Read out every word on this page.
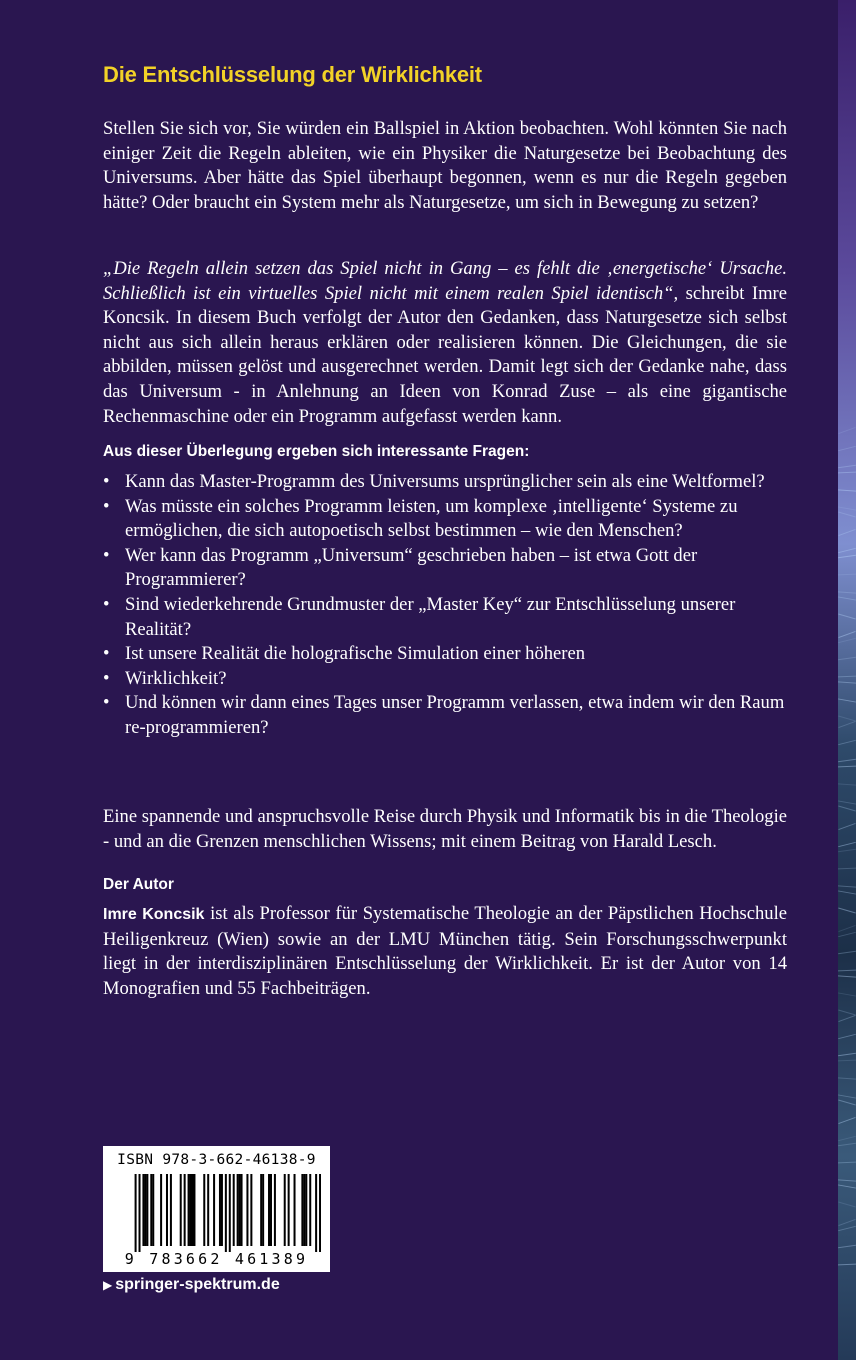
Die Entschlüsselung der Wirklichkeit
Stellen Sie sich vor, Sie würden ein Ballspiel in Aktion beobachten. Wohl könnten Sie nach einiger Zeit die Regeln ableiten, wie ein Physiker die Naturgesetze bei Beobachtung des Universums. Aber hätte das Spiel überhaupt begonnen, wenn es nur die Regeln gegeben hätte? Oder braucht ein System mehr als Naturgesetze, um sich in Bewegung zu setzen?
„Die Regeln allein setzen das Spiel nicht in Gang – es fehlt die ‚energetische‘ Ursache. Schließlich ist ein virtuelles Spiel nicht mit einem realen Spiel identisch“, schreibt Imre Koncsik. In diesem Buch verfolgt der Autor den Gedanken, dass Naturgesetze sich selbst nicht aus sich allein heraus erklären oder realisieren können. Die Gleichungen, die sie abbilden, müssen gelöst und ausgerechnet werden. Damit legt sich der Gedanke nahe, dass das Universum - in Anlehnung an Ideen von Konrad Zuse – als eine gigantische Rechenmaschine oder ein Programm aufgefasst werden kann.
Aus dieser Überlegung ergeben sich interessante Fragen:
• Kann das Master-Programm des Universums ursprünglicher sein als eine Weltformel?
• Was müsste ein solches Programm leisten, um komplexe ‚intelligente‘ Systeme zu ermöglichen, die sich autopoetisch selbst bestimmen – wie den Menschen?
• Wer kann das Programm „Universum“ geschrieben haben – ist etwa Gott der Programmierer?
• Sind wiederkehrende Grundmuster der „Master Key“ zur Entschlüsselung unserer Realität?
• Ist unsere Realität die holografische Simulation einer höheren
• Wirklichkeit?
• Und können wir dann eines Tages unser Programm verlassen, etwa indem wir den Raum re-programmieren?
Eine spannende und anspruchsvolle Reise durch Physik und Informatik bis in die Theologie - und an die Grenzen menschlichen Wissens; mit einem Beitrag von Harald Lesch.
Der Autor
Imre Koncsik ist als Professor für Systematische Theologie an der Päpstlichen Hochschule Heiligenkreuz (Wien) sowie an der LMU München tätig. Sein Forschungsschwerpunkt liegt in der interdisziplinären Entschlüsselung der Wirklichkeit. Er ist der Autor von 14 Monografien und 55 Fachbeiträgen.
ISBN 978-3-662-46138-9
9 783662 461389
▶ springer-spektrum.de
